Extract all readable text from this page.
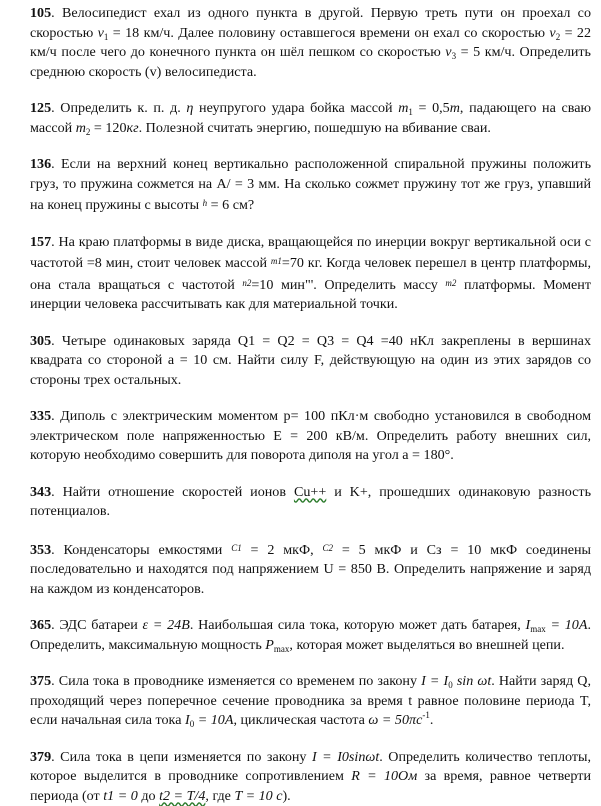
105. Велосипедист ехал из одного пункта в другой. Первую треть пути он проехал со скоростью $v_1 = 18$ км/ч. Далее половину оставшегося времени он ехал со скоростью $v_2 = 22$ км/ч после чего до конечного пункта он шёл пешком со скоростью $v_3 = 5$ км/ч. Определить среднюю скорость (v) велосипедиста.

125. Определить к. п. д. η неупругого удара бойка массой $m_1 = 0,5m$, падающего на сваю массой $m_2 = 120кг$. Полезной считать энергию, пошедшую на вбивание сваи.

136. Если на верхний конец вертикально расположенной спиральной пружины положить груз, то пружина сожмется на A/ = 3 мм. На сколько сожмет пружину тот же груз, упавший на конец пружины с высоты $^h$ = 6 см?

157. На краю платформы в виде диска, вращающейся по инерции вокруг вертикальной оси с частотой =8 мин, стоит человек массой $^{m1}$=70 кг. Когда человек перешел в центр платформы, она стала вращаться с частотой $^{n2}$=10 мин"'. Определить массу $^{m2}$ платформы. Момент инерции человека рассчитывать как для материальной точки.

305. Четыре одинаковых заряда Q1 = Q2 = Q3 = Q4 =40 нКл закреплены в вершинах квадрата со стороной а = 10 см. Найти силу F, действующую на один из этих зарядов со стороны трех остальных.

335. Диполь с электрическим моментом p= 100 пКл·м свободно установился в свободном электрическом поле напряженностью E = 200 кВ/м. Определить работу внешних сил, которую необходимо совершить для поворота диполя на угол a = 180°.

343. Найти отношение скоростей ионов Cu++ и K+, прошедших одинаковую разность потенциалов.

353. Конденсаторы емкостями $^{C1}$ = 2 мкФ, $^{C2}$ = 5 мкФ и Сз = 10 мкФ соединены последовательно и находятся под напряжением U = 850 В. Определить напряжение и заряд на каждом из конденсаторов.

365. ЭДС батареи ε = 24В. Наибольшая сила тока, которую может дать батарея, $I_{max} = 10А$. Определить, максимальную мощность $P_{max}$, которая может выделяться во внешней цепи.

375. Сила тока в проводнике изменяется со временем по закону $I = I_0$ sin ωt. Найти заряд Q, проходящий через поперечное сечение проводника за время t равное половине периода T, если начальная сила тока $I_0 = 10А$, циклическая частота $\omega = 50\pi c^{-1}$.

379. Сила тока в цепи изменяется по закону I = I0sinωt. Определить количество теплоты, которое выделится в проводнике сопротивлением R = 10Ом за время, равное четверти периода (от t1 = 0 до t2 = T/4, где T = 10 c).
